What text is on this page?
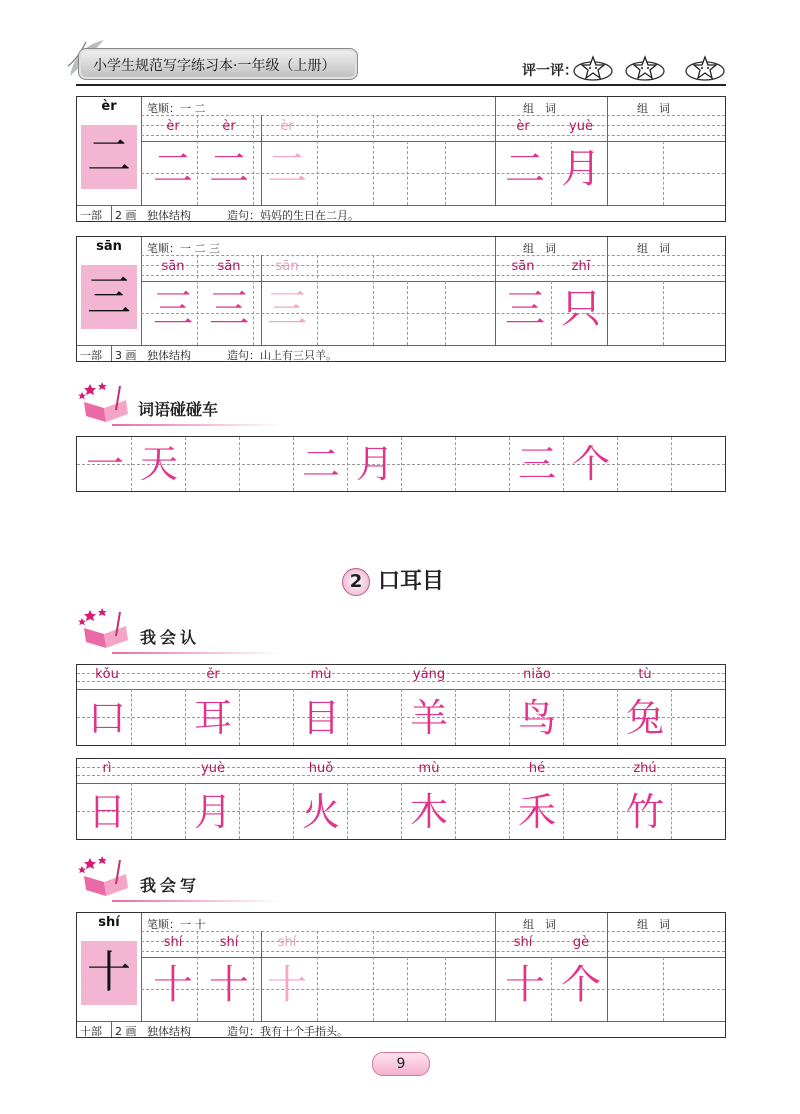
小学生规范写字练习本·一年级（上册）	评一评：
èr
二
笔顺：一 二	组　词	组　词
èr	èr	èr
二 二 二
èr	yuè
二 月
一部 2 画 独体结构	造句：妈妈的生日在二月。
sān
三
笔顺：一 二 三	组　词	组　词
sān	sān	sān
三 三 三
sān	zhī
三 只
一部 3 画 独体结构	造句：山上有三只羊。
词语碰碰车
一 天	二 月	三 个
2 口耳目
我会认
kǒu	ěr	mù	yáng	niǎo	tù
口 耳 目 羊 鸟 兔
rì	yuè	huǒ	mù	hé	zhú
日 月 火 木 禾 竹
我会写
shí
十
笔顺：一 十	组　词	组　词
shí	shí	shí
十 十 十
shí	gè
十 个
十部 2 画 独体结构	造句：我有十个手指头。
9
